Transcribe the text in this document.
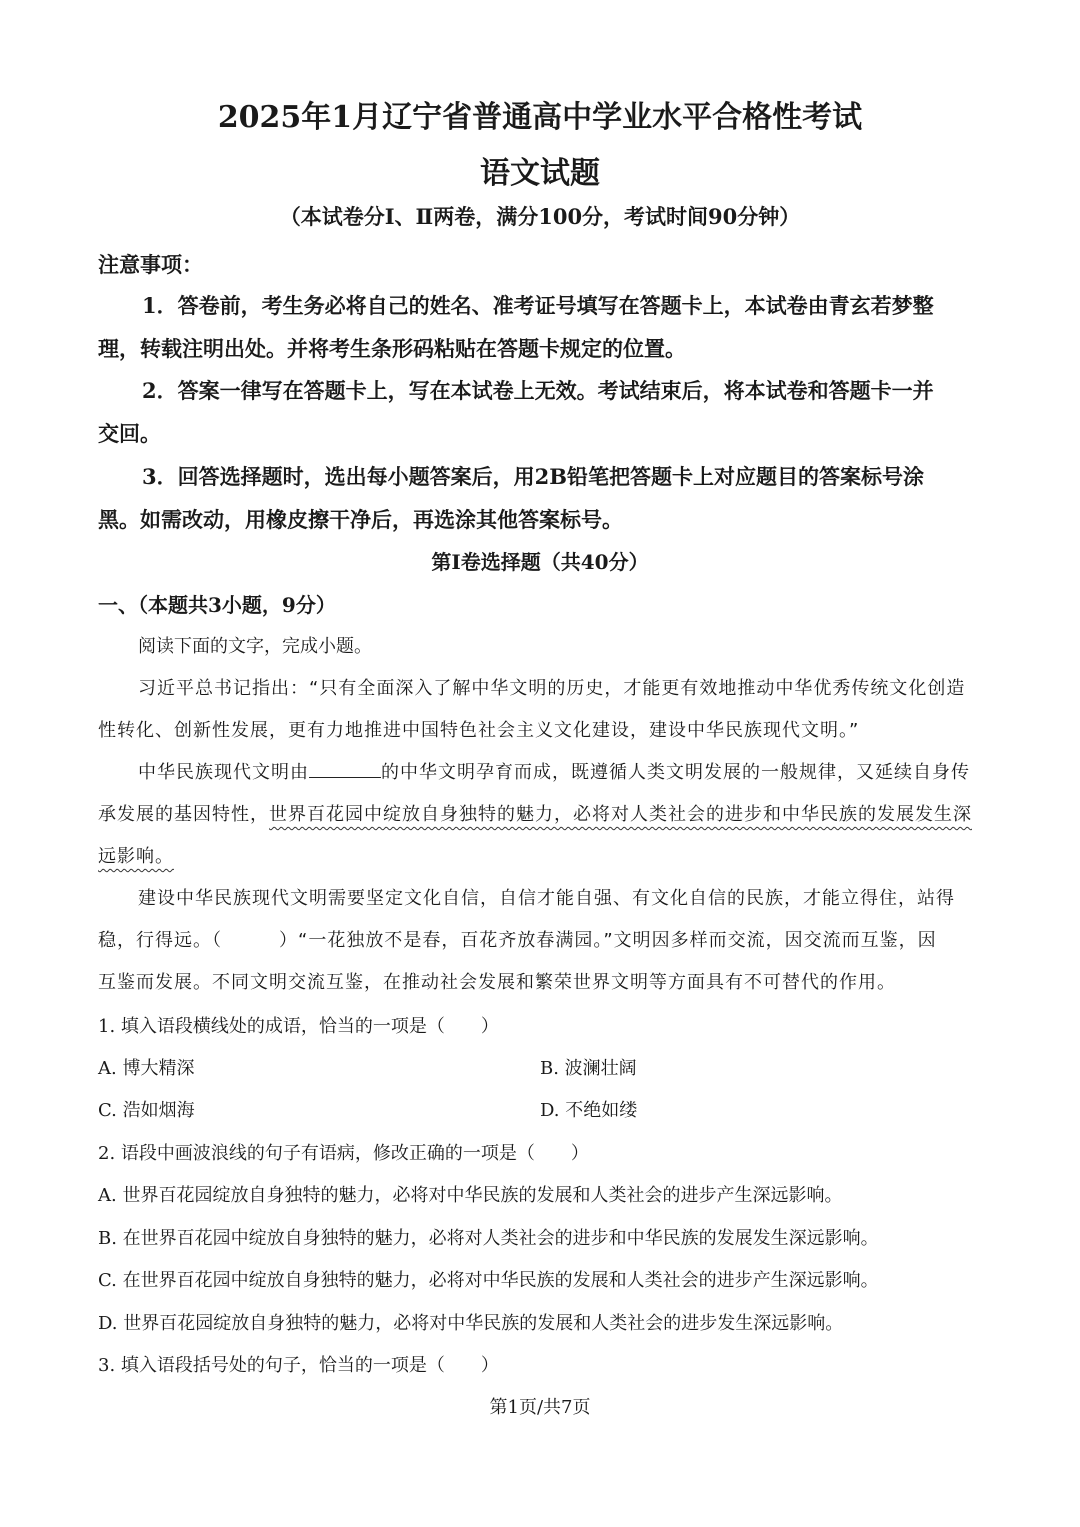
2025年1月辽宁省普通高中学业水平合格性考试
语文试题
（本试卷分Ⅰ、Ⅱ两卷，满分100分，考试时间90分钟）
注意事项：
1．答卷前，考生务必将自己的姓名、准考证号填写在答题卡上，本试卷由青玄若梦整
理，转载注明出处。并将考生条形码粘贴在答题卡规定的位置。
2．答案一律写在答题卡上，写在本试卷上无效。考试结束后，将本试卷和答题卡一并
交回。
3．回答选择题时，选出每小题答案后，用2B铅笔把答题卡上对应题目的答案标号涂
黑。如需改动，用橡皮擦干净后，再选涂其他答案标号。
第Ⅰ卷选择题（共40分）
一、（本题共3小题，9分）
阅读下面的文字，完成小题。
习近平总书记指出：“只有全面深入了解中华文明的历史，才能更有效地推动中华优秀传统文化创造
性转化、创新性发展，更有力地推进中国特色社会主义文化建设，建设中华民族现代文明。”
中华民族现代文明由	的中华文明孕育而成，既遵循人类文明发展的一般规律，又延续自身传
承发展的基因特性，世界百花园中绽放自身独特的魅力，必将对人类社会的进步和中华民族的发展发生深
远影响。
建设中华民族现代文明需要坚定文化自信，自信才能自强、有文化自信的民族，才能立得住，站得
稳，行得远。（　　　）“一花独放不是春，百花齐放春满园。”文明因多样而交流，因交流而互鉴，因
互鉴而发展。不同文明交流互鉴，在推动社会发展和繁荣世界文明等方面具有不可替代的作用。
1. 填入语段横线处的成语，恰当的一项是（　　）
A. 博大精深	B. 波澜壮阔
C. 浩如烟海	D. 不绝如缕
2. 语段中画波浪线的句子有语病，修改正确的一项是（　　）
A. 世界百花园绽放自身独特的魅力，必将对中华民族的发展和人类社会的进步产生深远影响。
B. 在世界百花园中绽放自身独特的魅力，必将对人类社会的进步和中华民族的发展发生深远影响。
C. 在世界百花园中绽放自身独特的魅力，必将对中华民族的发展和人类社会的进步产生深远影响。
D. 世界百花园绽放自身独特的魅力，必将对中华民族的发展和人类社会的进步发生深远影响。
3. 填入语段括号处的句子，恰当的一项是（　　）
第1页/共7页
